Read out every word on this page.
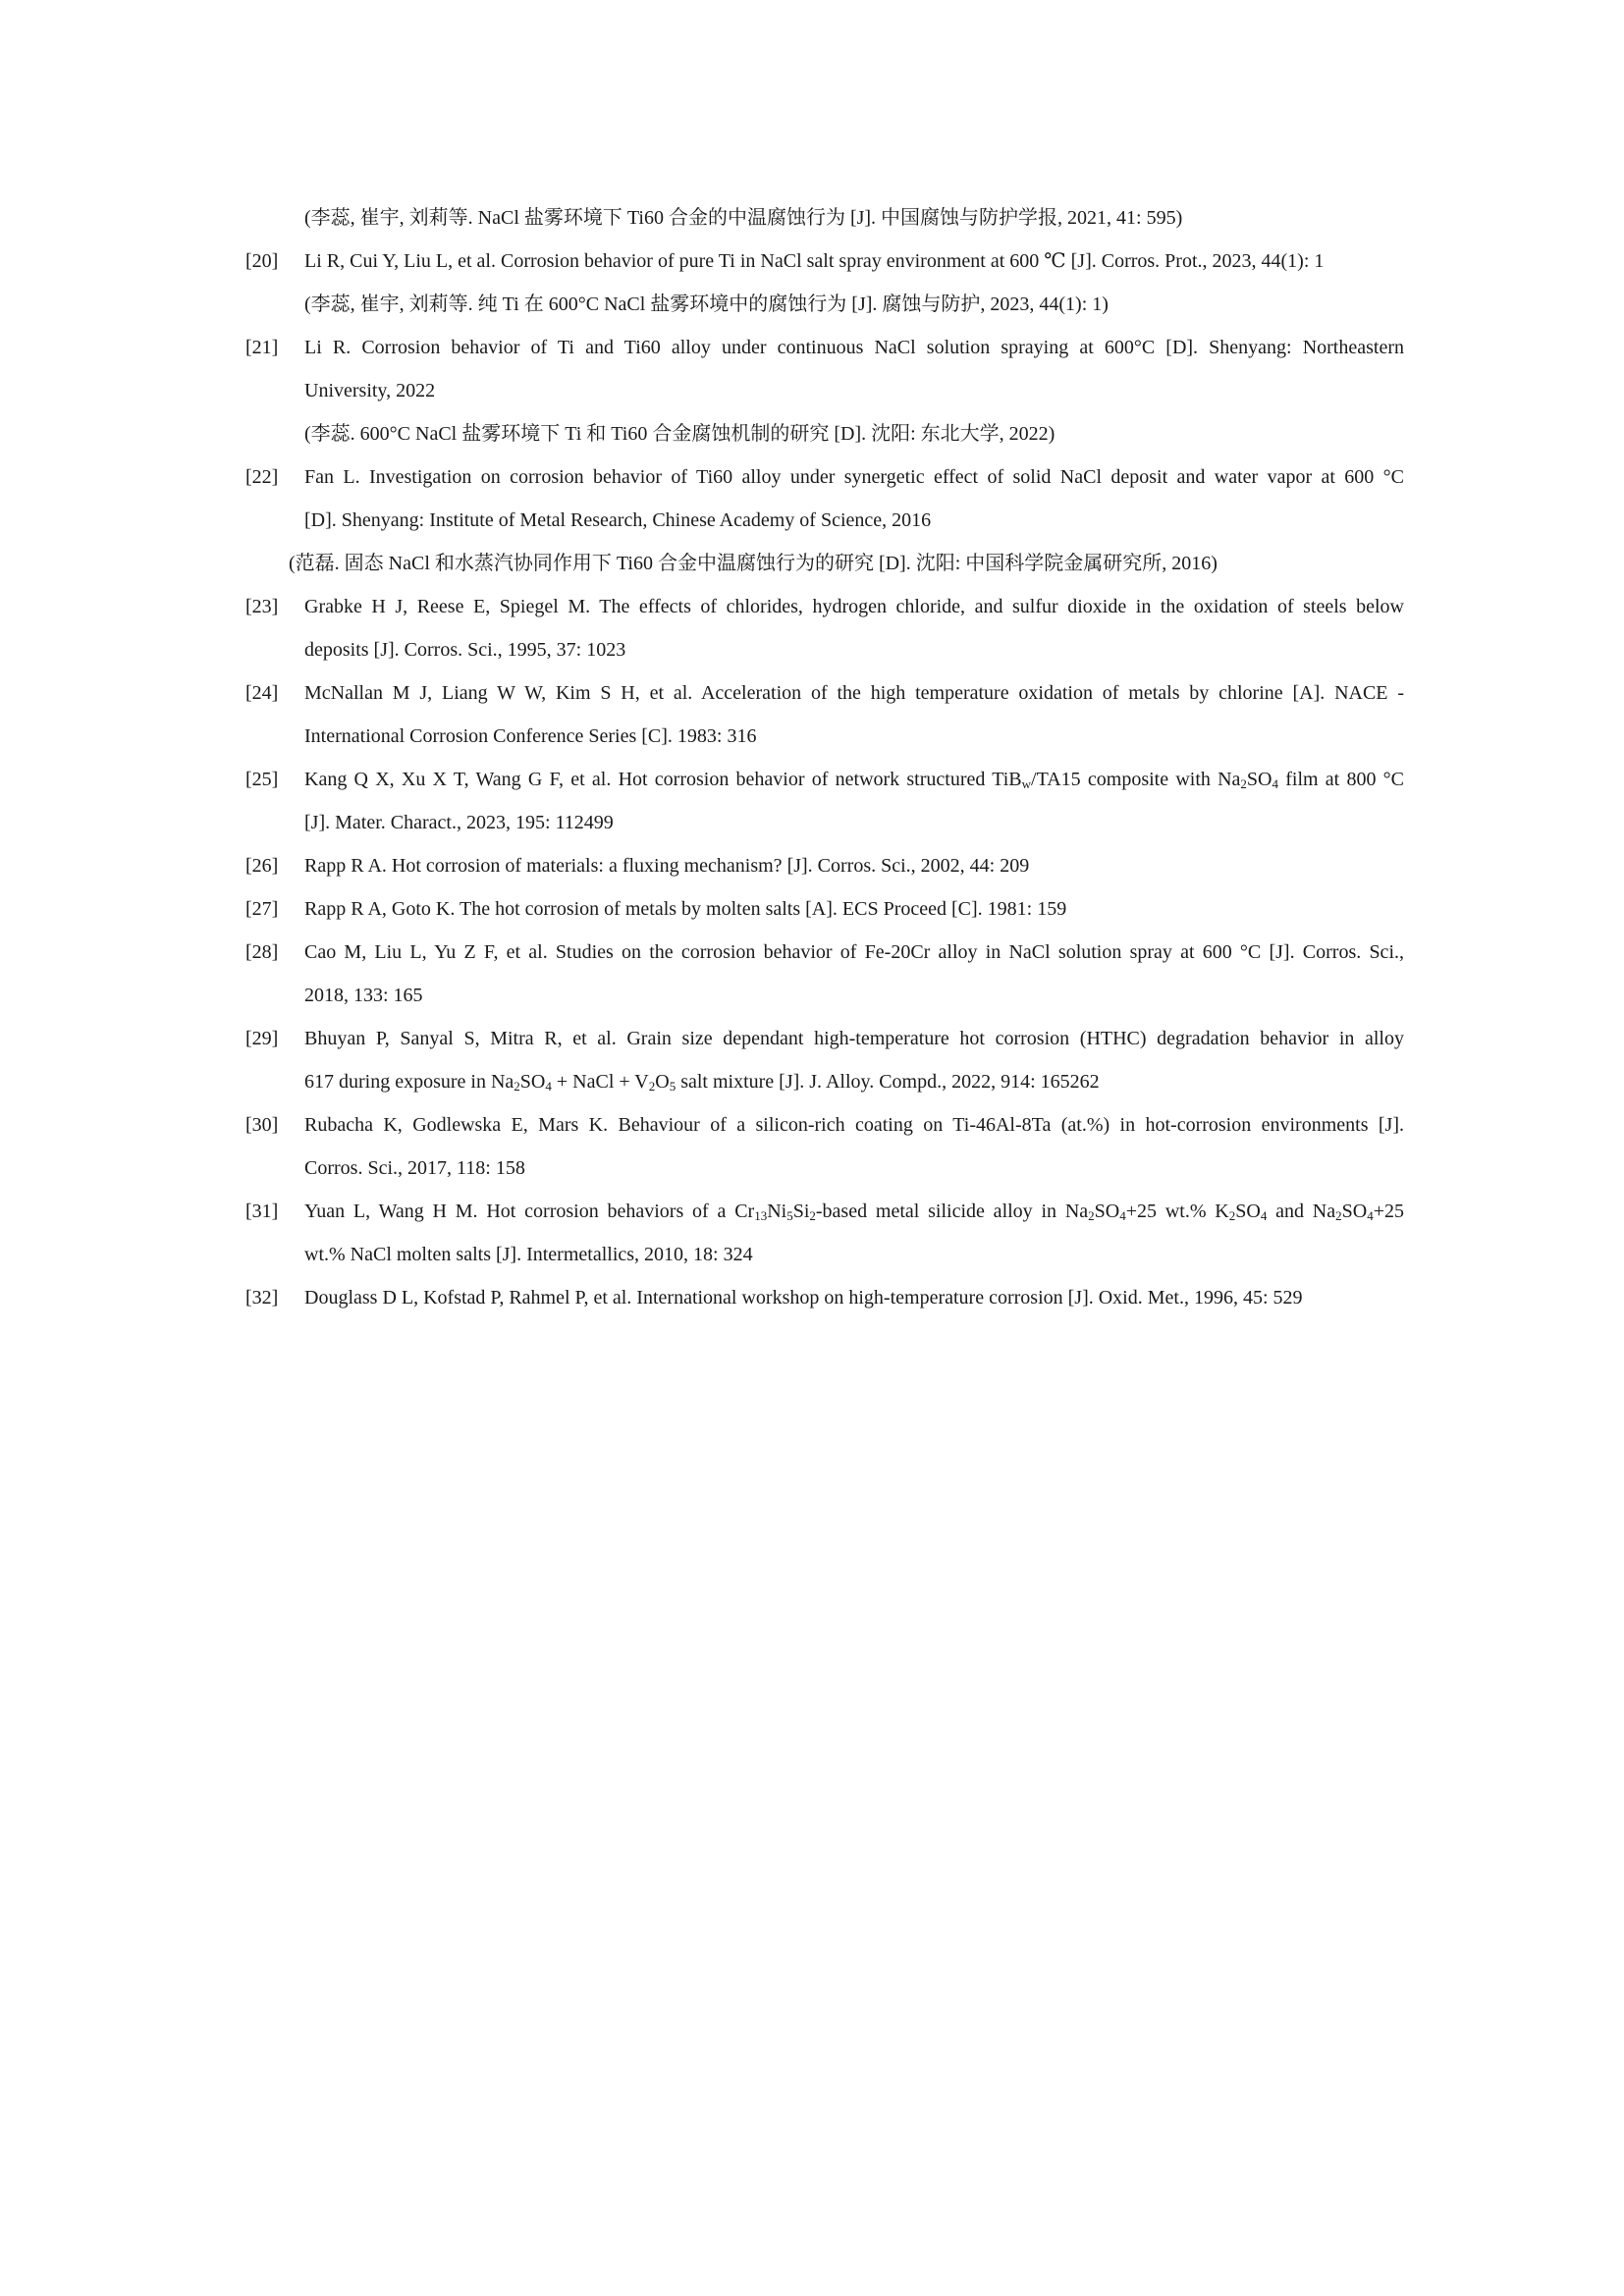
(李蕊, 崔宇, 刘莉等. NaCl 盐雾环境下 Ti60 合金的中温腐蚀行为 [J]. 中国腐蚀与防护学报, 2021, 41: 595)
[20] Li R, Cui Y, Liu L, et al. Corrosion behavior of pure Ti in NaCl salt spray environment at 600 ℃ [J]. Corros. Prot., 2023, 44(1): 1
(李蕊, 崔宇, 刘莉等. 纯 Ti 在 600°C NaCl 盐雾环境中的腐蚀行为 [J]. 腐蚀与防护, 2023, 44(1): 1)
[21] Li R. Corrosion behavior of Ti and Ti60 alloy under continuous NaCl solution spraying at 600°C [D]. Shenyang: Northeastern
University, 2022
(李蕊. 600°C NaCl 盐雾环境下 Ti 和 Ti60 合金腐蚀机制的研究 [D]. 沈阳: 东北大学, 2022)
[22] Fan L. Investigation on corrosion behavior of Ti60 alloy under synergetic effect of solid NaCl deposit and water vapor at 600 °C
[D]. Shenyang: Institute of Metal Research, Chinese Academy of Science, 2016
(范磊. 固态 NaCl 和水蒸汽协同作用下 Ti60 合金中温腐蚀行为的研究 [D]. 沈阳: 中国科学院金属研究所, 2016)
[23] Grabke H J, Reese E, Spiegel M. The effects of chlorides, hydrogen chloride, and sulfur dioxide in the oxidation of steels below
deposits [J]. Corros. Sci., 1995, 37: 1023
[24] McNallan M J, Liang W W, Kim S H, et al. Acceleration of the high temperature oxidation of metals by chlorine [A]. NACE -
International Corrosion Conference Series [C]. 1983: 316
[25] Kang Q X, Xu X T, Wang G F, et al. Hot corrosion behavior of network structured TiB$_w$/TA15 composite with $Na_2SO_4$ film at 800 °C
[J]. Mater. Charact., 2023, 195: 112499
[26] Rapp R A. Hot corrosion of materials: a fluxing mechanism? [J]. Corros. Sci., 2002, 44: 209
[27] Rapp R A, Goto K. The hot corrosion of metals by molten salts [A]. ECS Proceed [C]. 1981: 159
[28] Cao M, Liu L, Yu Z F, et al. Studies on the corrosion behavior of Fe-20Cr alloy in NaCl solution spray at 600 °C [J]. Corros. Sci.,
2018, 133: 165
[29] Bhuyan P, Sanyal S, Mitra R, et al. Grain size dependant high-temperature hot corrosion (HTHC) degradation behavior in alloy
617 during exposure in $Na_2SO_4$ + NaCl + $V_2O_5$ salt mixture [J]. J. Alloy. Compd., 2022, 914: 165262
[30] Rubacha K, Godlewska E, Mars K. Behaviour of a silicon-rich coating on Ti-46Al-8Ta (at.%) in hot-corrosion environments [J].
Corros. Sci., 2017, 118: 158
[31] Yuan L, Wang H M. Hot corrosion behaviors of a $Cr_{13}Ni_5Si_2$-based metal silicide alloy in $Na_2SO_4+25$ wt.% $K_2SO_4$ and $Na_2SO_4+25$
wt.% NaCl molten salts [J]. Intermetallics, 2010, 18: 324
[32] Douglass D L, Kofstad P, Rahmel P, et al. International workshop on high-temperature corrosion [J]. Oxid. Met., 1996, 45: 529
